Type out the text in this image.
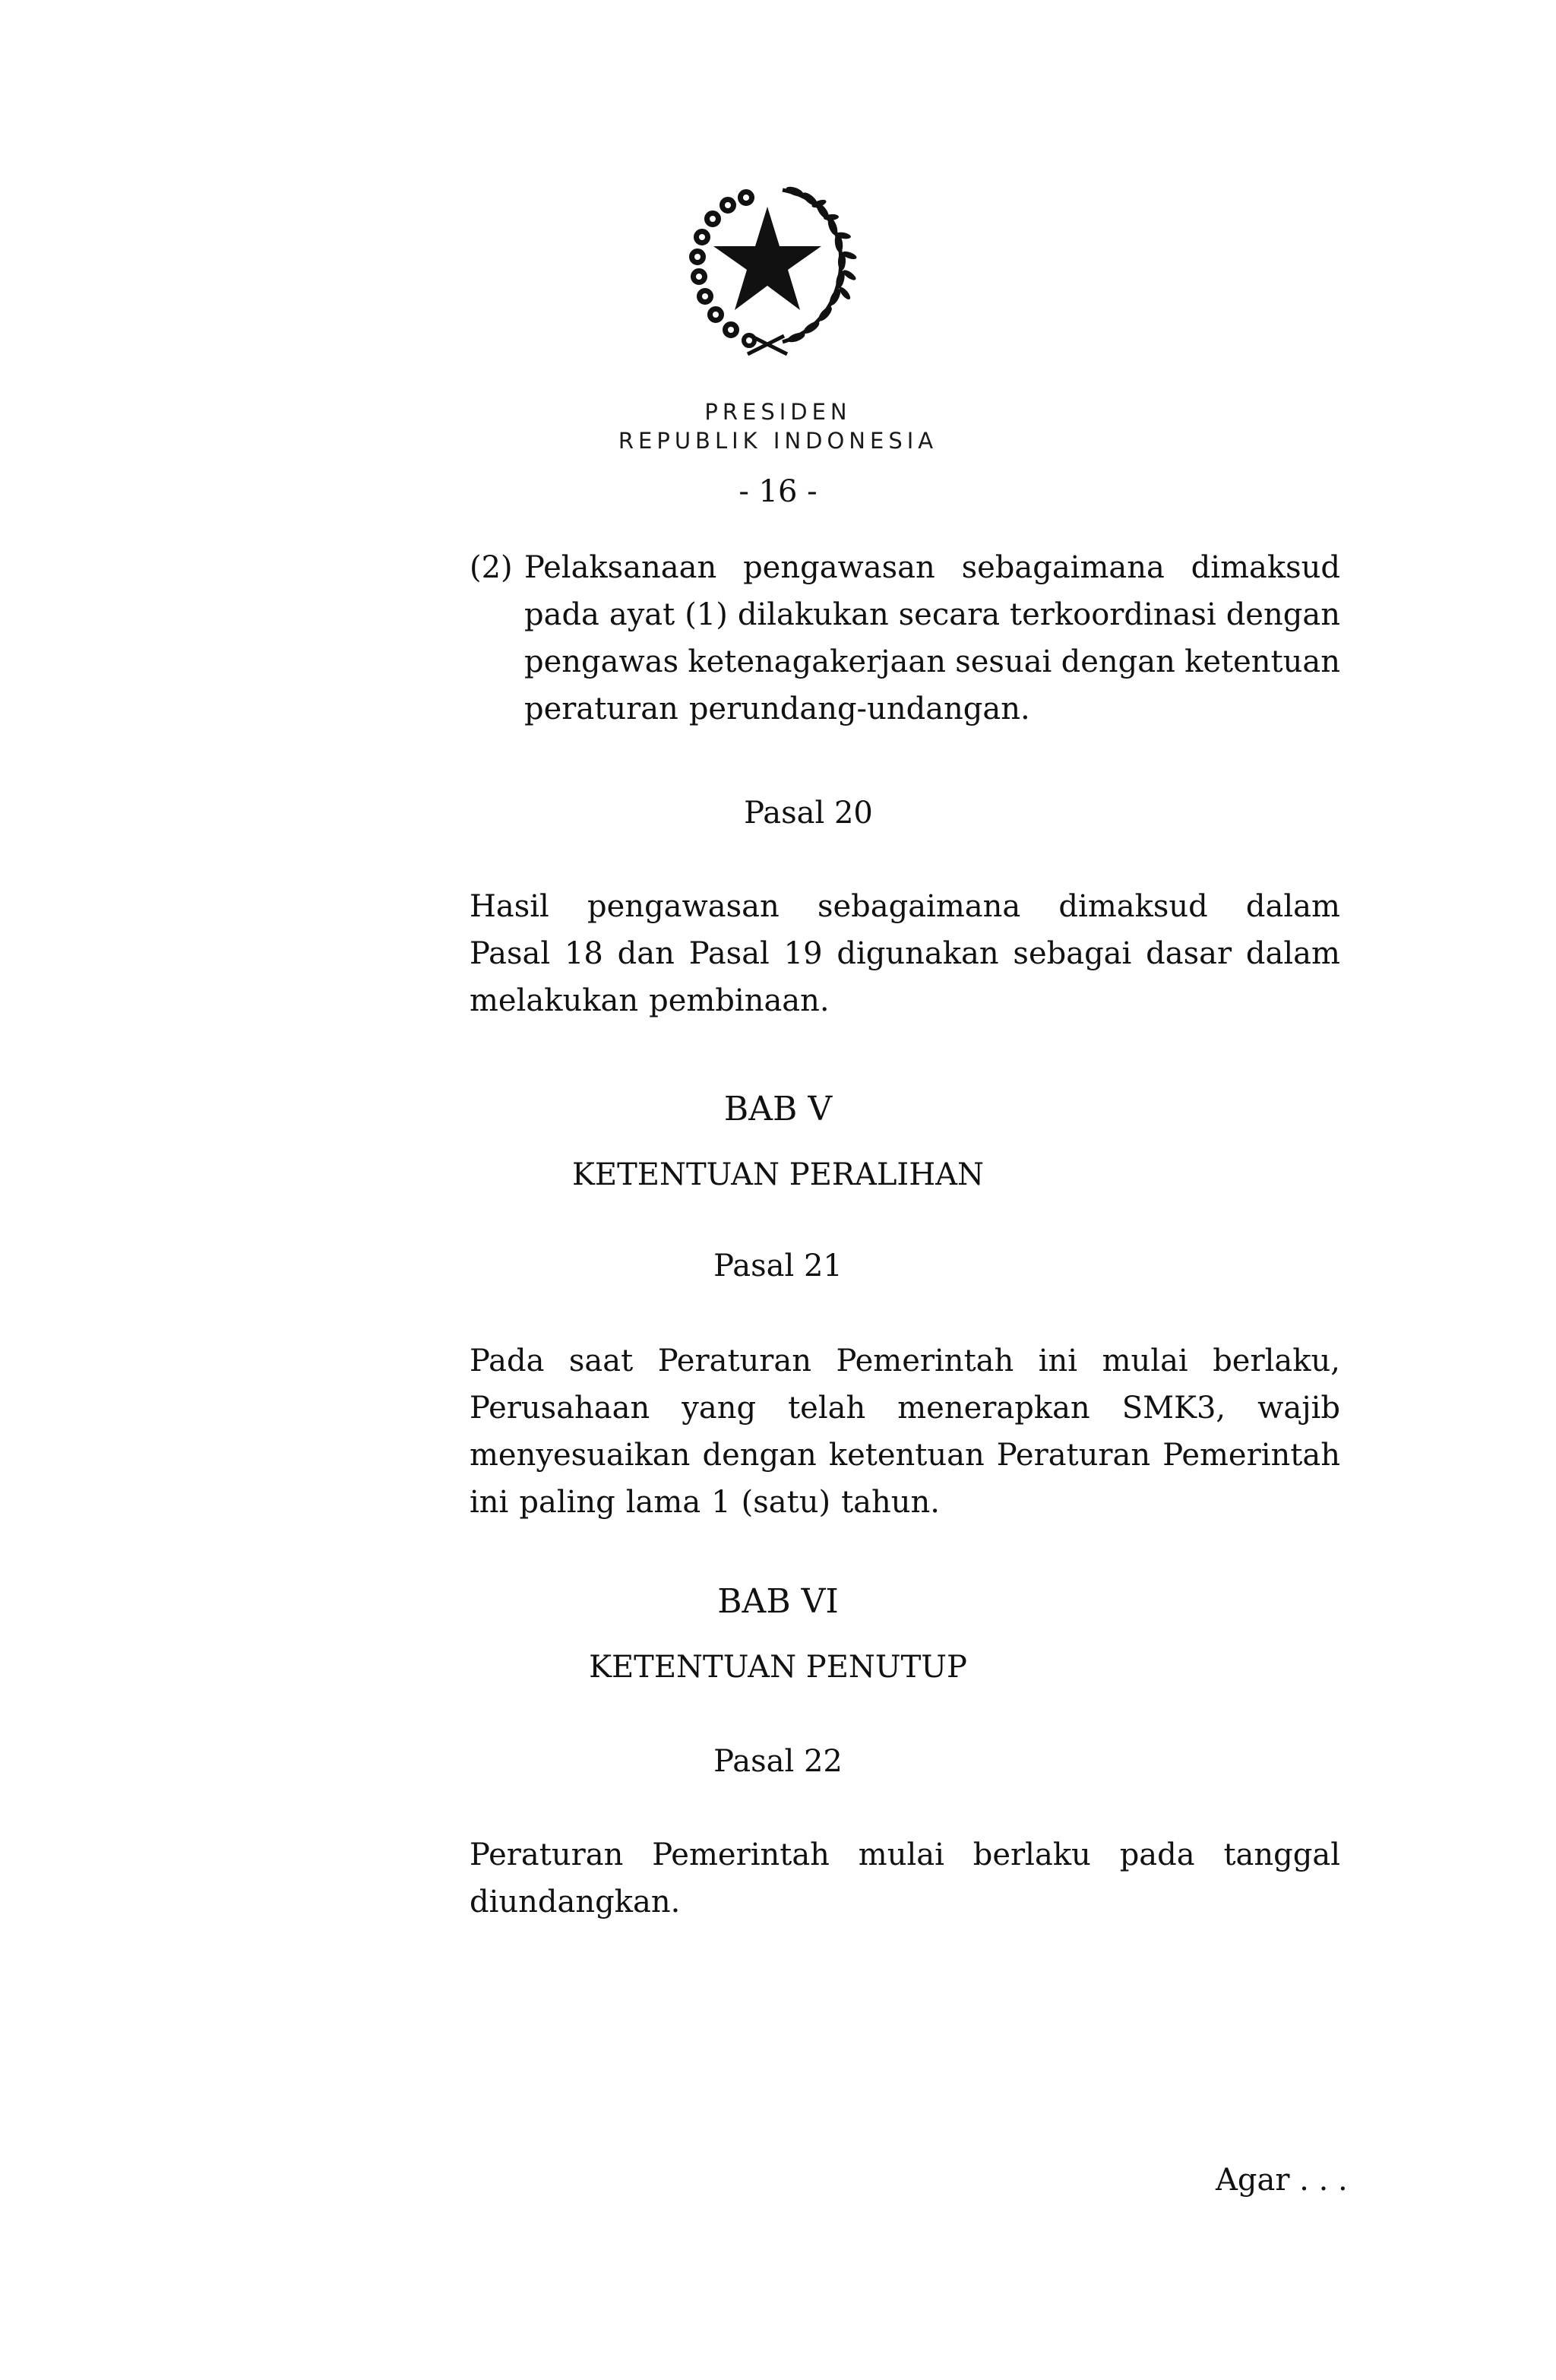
PRESIDEN
REPUBLIK INDONESIA
- 16 -
(2) Pelaksanaan pengawasan sebagaimana dimaksud
pada ayat (1) dilakukan secara terkoordinasi dengan
pengawas ketenagakerjaan sesuai dengan ketentuan
peraturan perundang-undangan.
Pasal 20
Hasil pengawasan sebagaimana dimaksud dalam
Pasal 18 dan Pasal 19 digunakan sebagai dasar dalam
melakukan pembinaan.
BAB V
KETENTUAN PERALIHAN
Pasal 21
Pada saat Peraturan Pemerintah ini mulai berlaku,
Perusahaan yang telah menerapkan SMK3, wajib
menyesuaikan dengan ketentuan Peraturan Pemerintah
ini paling lama 1 (satu) tahun.
BAB VI
KETENTUAN PENUTUP
Pasal 22
Peraturan Pemerintah mulai berlaku pada tanggal
diundangkan.
Agar . . .
